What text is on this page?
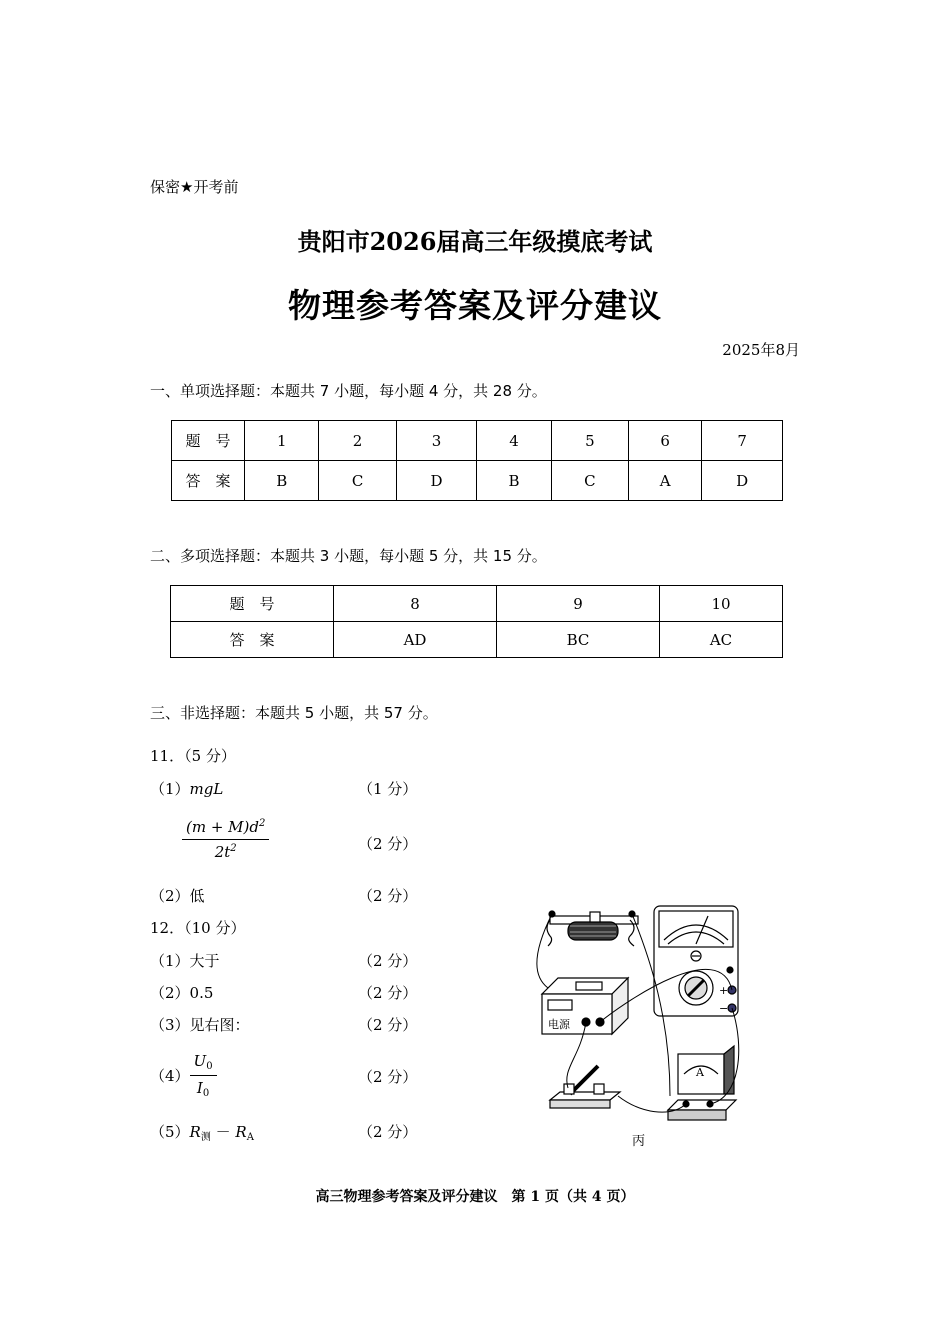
保密★开考前
贵阳市2026届高三年级摸底考试
物理参考答案及评分建议
2025年8月
一、单项选择题：本题共 7 小题，每小题 4 分，共 28 分。
题　号	1	2	3	4	5	6	7
答　案	B	C	D	B	C	A	D
二、多项选择题：本题共 3 小题，每小题 5 分，共 15 分。
题　号	8	9	10
答　案	AD	BC	AC
三、非选择题：本题共 5 小题，共 57 分。
11．（5 分）
（1）mgL	（1 分）
$\frac{(m + M)d^2}{2t^2}$	（2 分）
（2）低	（2 分）
12．（10 分）
（1）大于	（2 分）
（2）0.5	（2 分）
（3）见右图：	（2 分）
$(4) \frac{U_0}{I_0}$	（2 分）
$(5)R_测 - R_A$	（2 分）
+
−
电源
A
丙
高三物理参考答案及评分建议　第 1 页（共 4 页）
